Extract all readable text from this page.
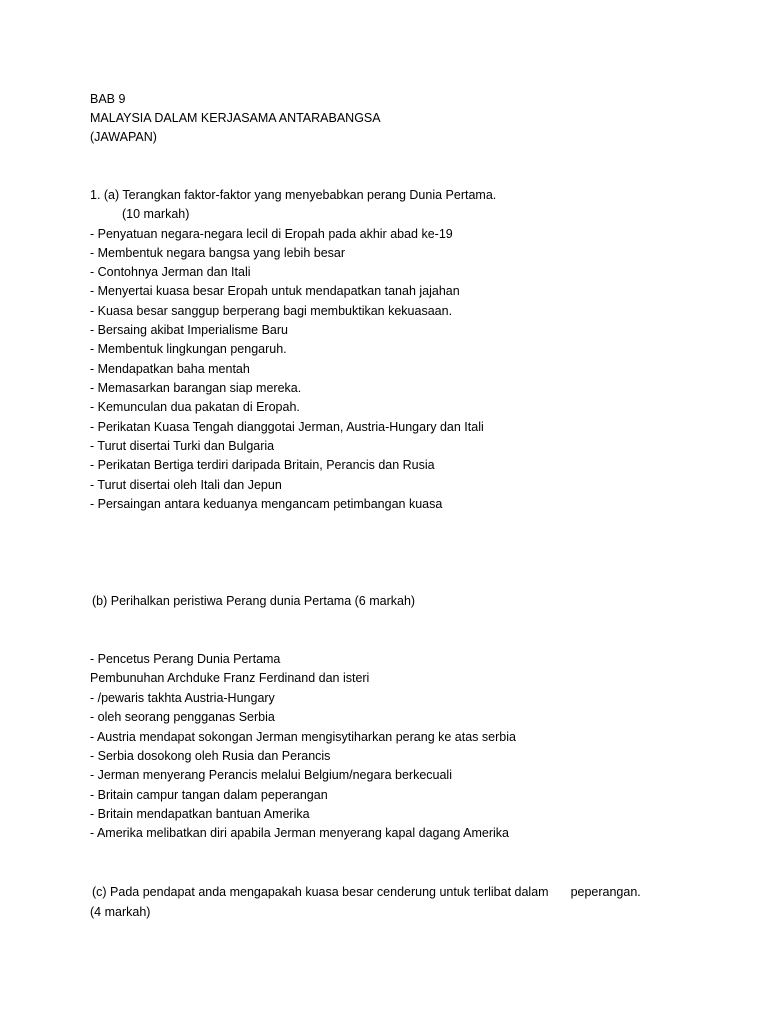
BAB 9
MALAYSIA DALAM KERJASAMA ANTARABANGSA
(JAWAPAN)
1. (a) Terangkan faktor-faktor yang menyebabkan perang Dunia Pertama.
(10 markah)
- Penyatuan negara-negara lecil di Eropah pada akhir abad ke-19
- Membentuk negara bangsa yang lebih besar
- Contohnya Jerman dan Itali
- Menyertai kuasa besar Eropah untuk mendapatkan tanah jajahan
- Kuasa besar sanggup berperang bagi membuktikan kekuasaan.
- Bersaing akibat Imperialisme Baru
- Membentuk lingkungan pengaruh.
- Mendapatkan baha mentah
- Memasarkan barangan siap mereka.
- Kemunculan dua pakatan di Eropah.
- Perikatan Kuasa Tengah dianggotai Jerman, Austria-Hungary dan Itali
- Turut disertai Turki dan Bulgaria
- Perikatan Bertiga terdiri daripada Britain, Perancis dan Rusia
- Turut disertai oleh Itali dan Jepun
- Persaingan antara keduanya mengancam petimbangan kuasa
(b) Perihalkan peristiwa Perang dunia Pertama (6 markah)
- Pencetus Perang Dunia Pertama
Pembunuhan Archduke Franz Ferdinand dan isteri
- /pewaris takhta Austria-Hungary
- oleh seorang pengganas Serbia
- Austria mendapat sokongan Jerman mengisytiharkan perang ke atas serbia
- Serbia dosokong oleh Rusia dan Perancis
- Jerman menyerang Perancis melalui Belgium/negara berkecuali
- Britain campur tangan dalam peperangan
- Britain mendapatkan bantuan Amerika
- Amerika melibatkan diri apabila Jerman menyerang kapal dagang Amerika
(c) Pada pendapat anda mengapakah kuasa besar cenderung untuk terlibat dalam peperangan.
(4 markah)
